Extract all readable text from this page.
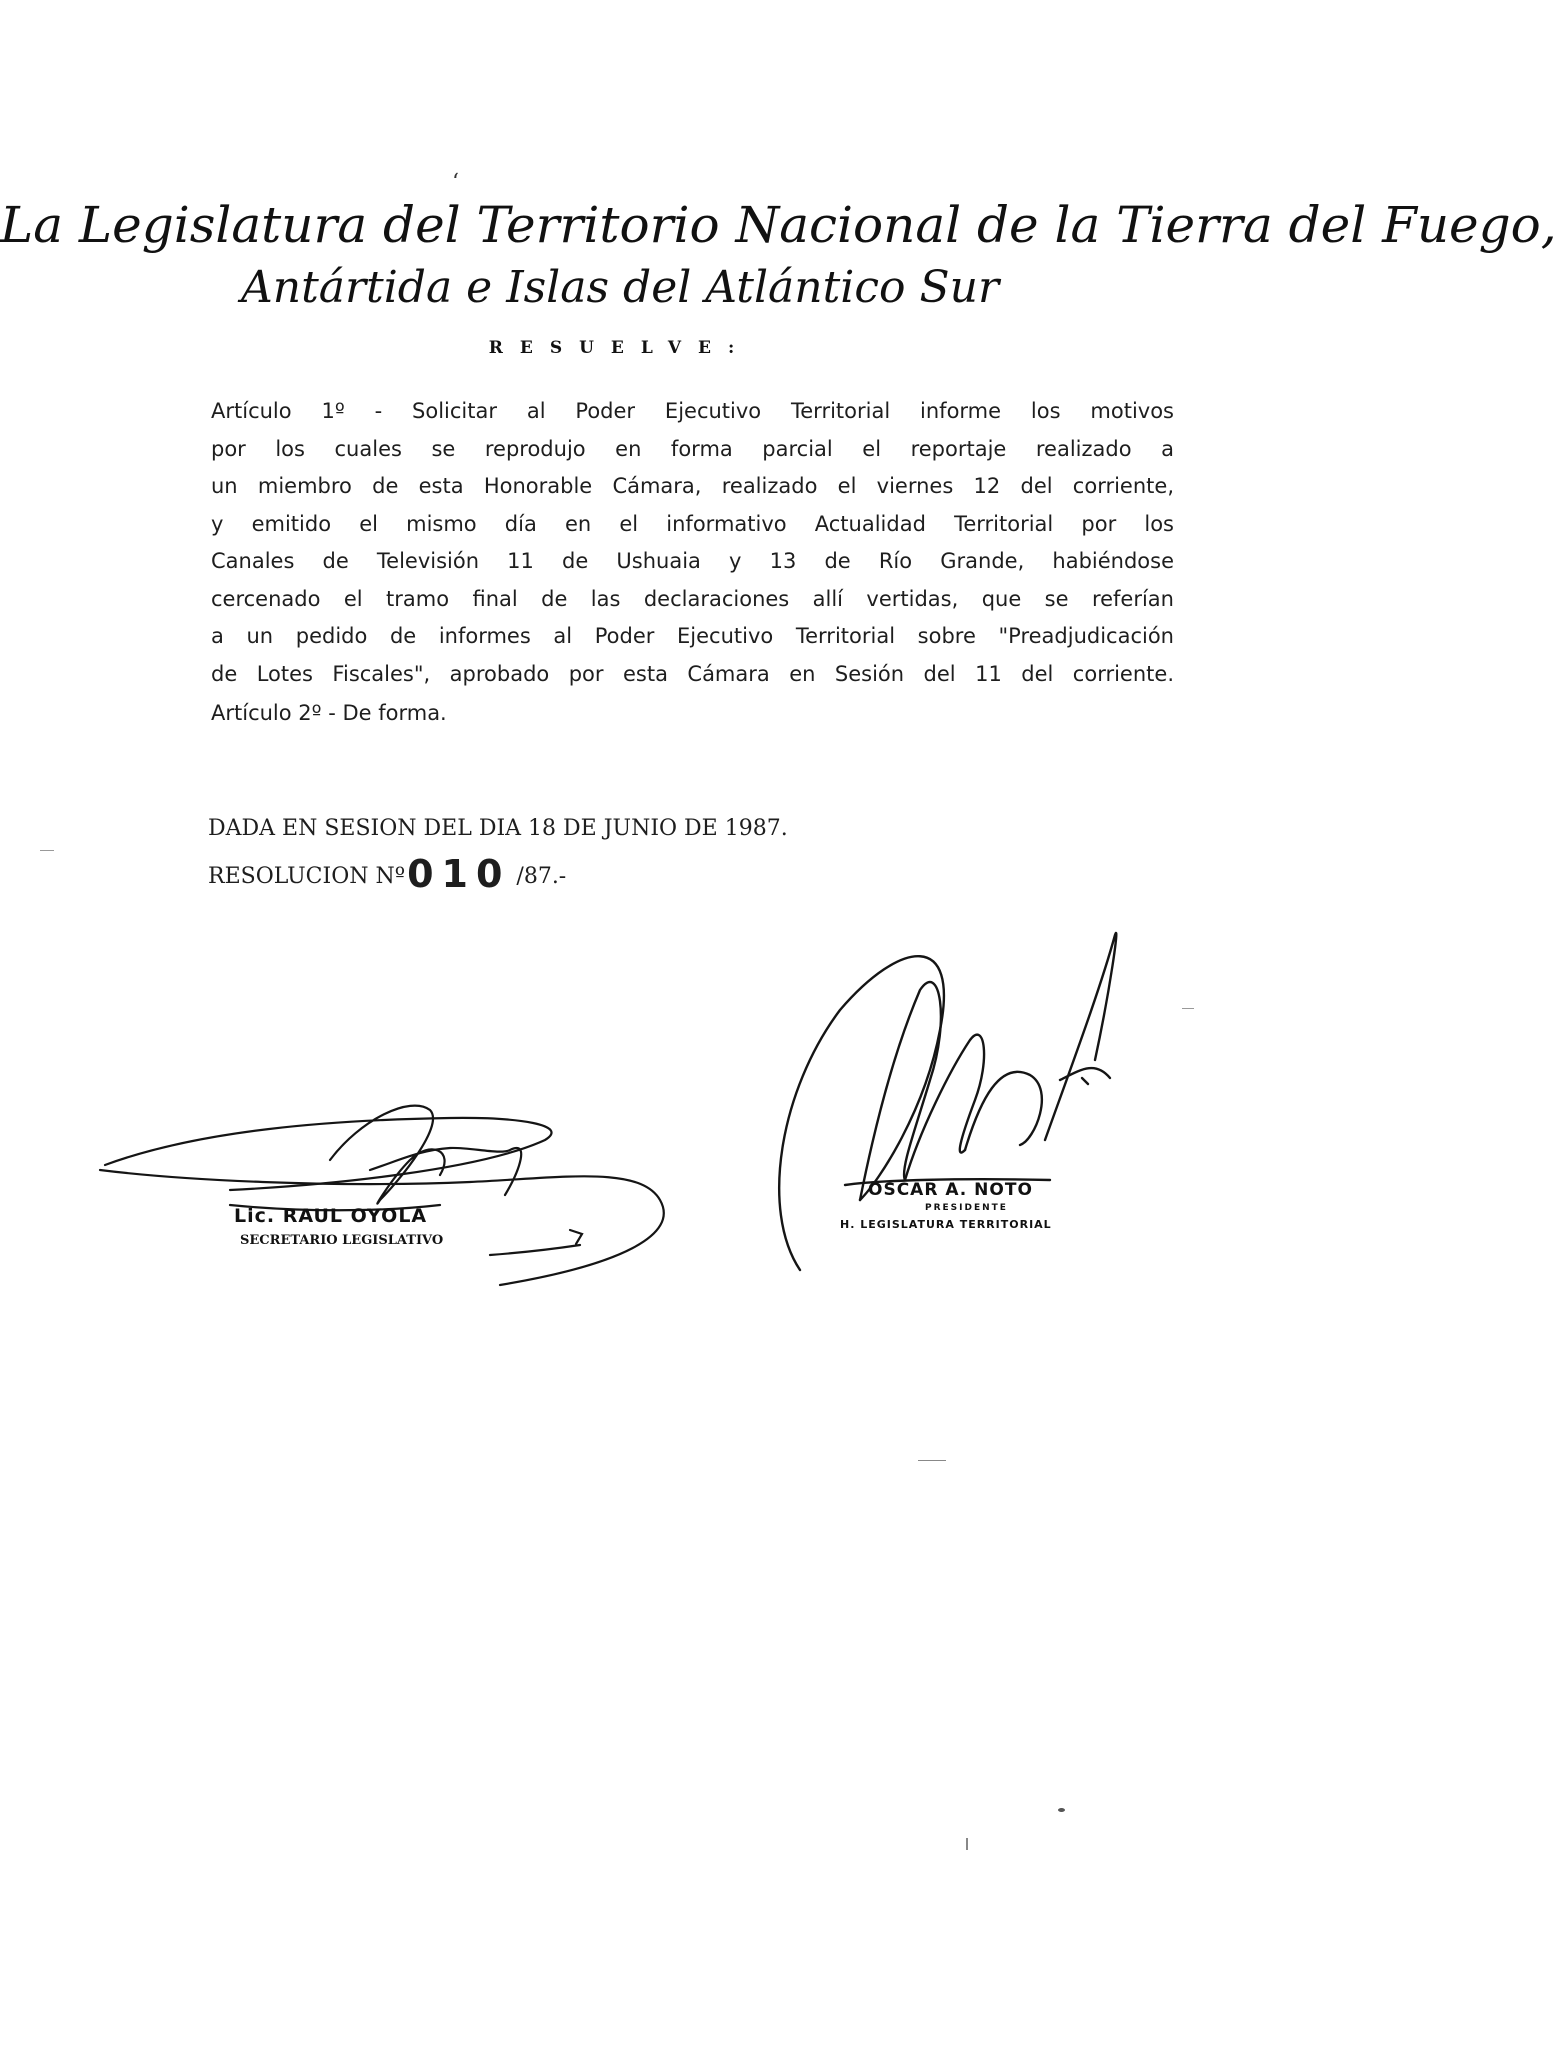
‘
La Legislatura del Territorio Nacional de la Tierra del Fuego,
Antártida e Islas del Atlántico Sur
RESUELVE:
Artículo 1º - Solicitar al Poder Ejecutivo Territorial informe los motivos
por los cuales se reprodujo en forma parcial el reportaje realizado a
un miembro de esta Honorable Cámara, realizado el viernes 12 del corriente,
y emitido el mismo día en el informativo Actualidad Territorial por los
Canales de Televisión 11 de Ushuaia y 13 de Río Grande, habiéndose
cercenado el tramo final de las declaraciones allí vertidas, que se referían
a un pedido de informes al Poder Ejecutivo Territorial sobre "Preadjudicación
de Lotes Fiscales", aprobado por esta Cámara en Sesión del 11 del corriente.
Artículo 2º - De forma.
DADA EN SESION DEL DIA 18 DE JUNIO DE 1987.
RESOLUCION Nº010 /87.-
Lic. RAUL OYOLA
SECRETARIO LEGISLATIVO
OSCAR A. NOTO
PRESIDENTE
H. LEGISLATURA TERRITORIAL
